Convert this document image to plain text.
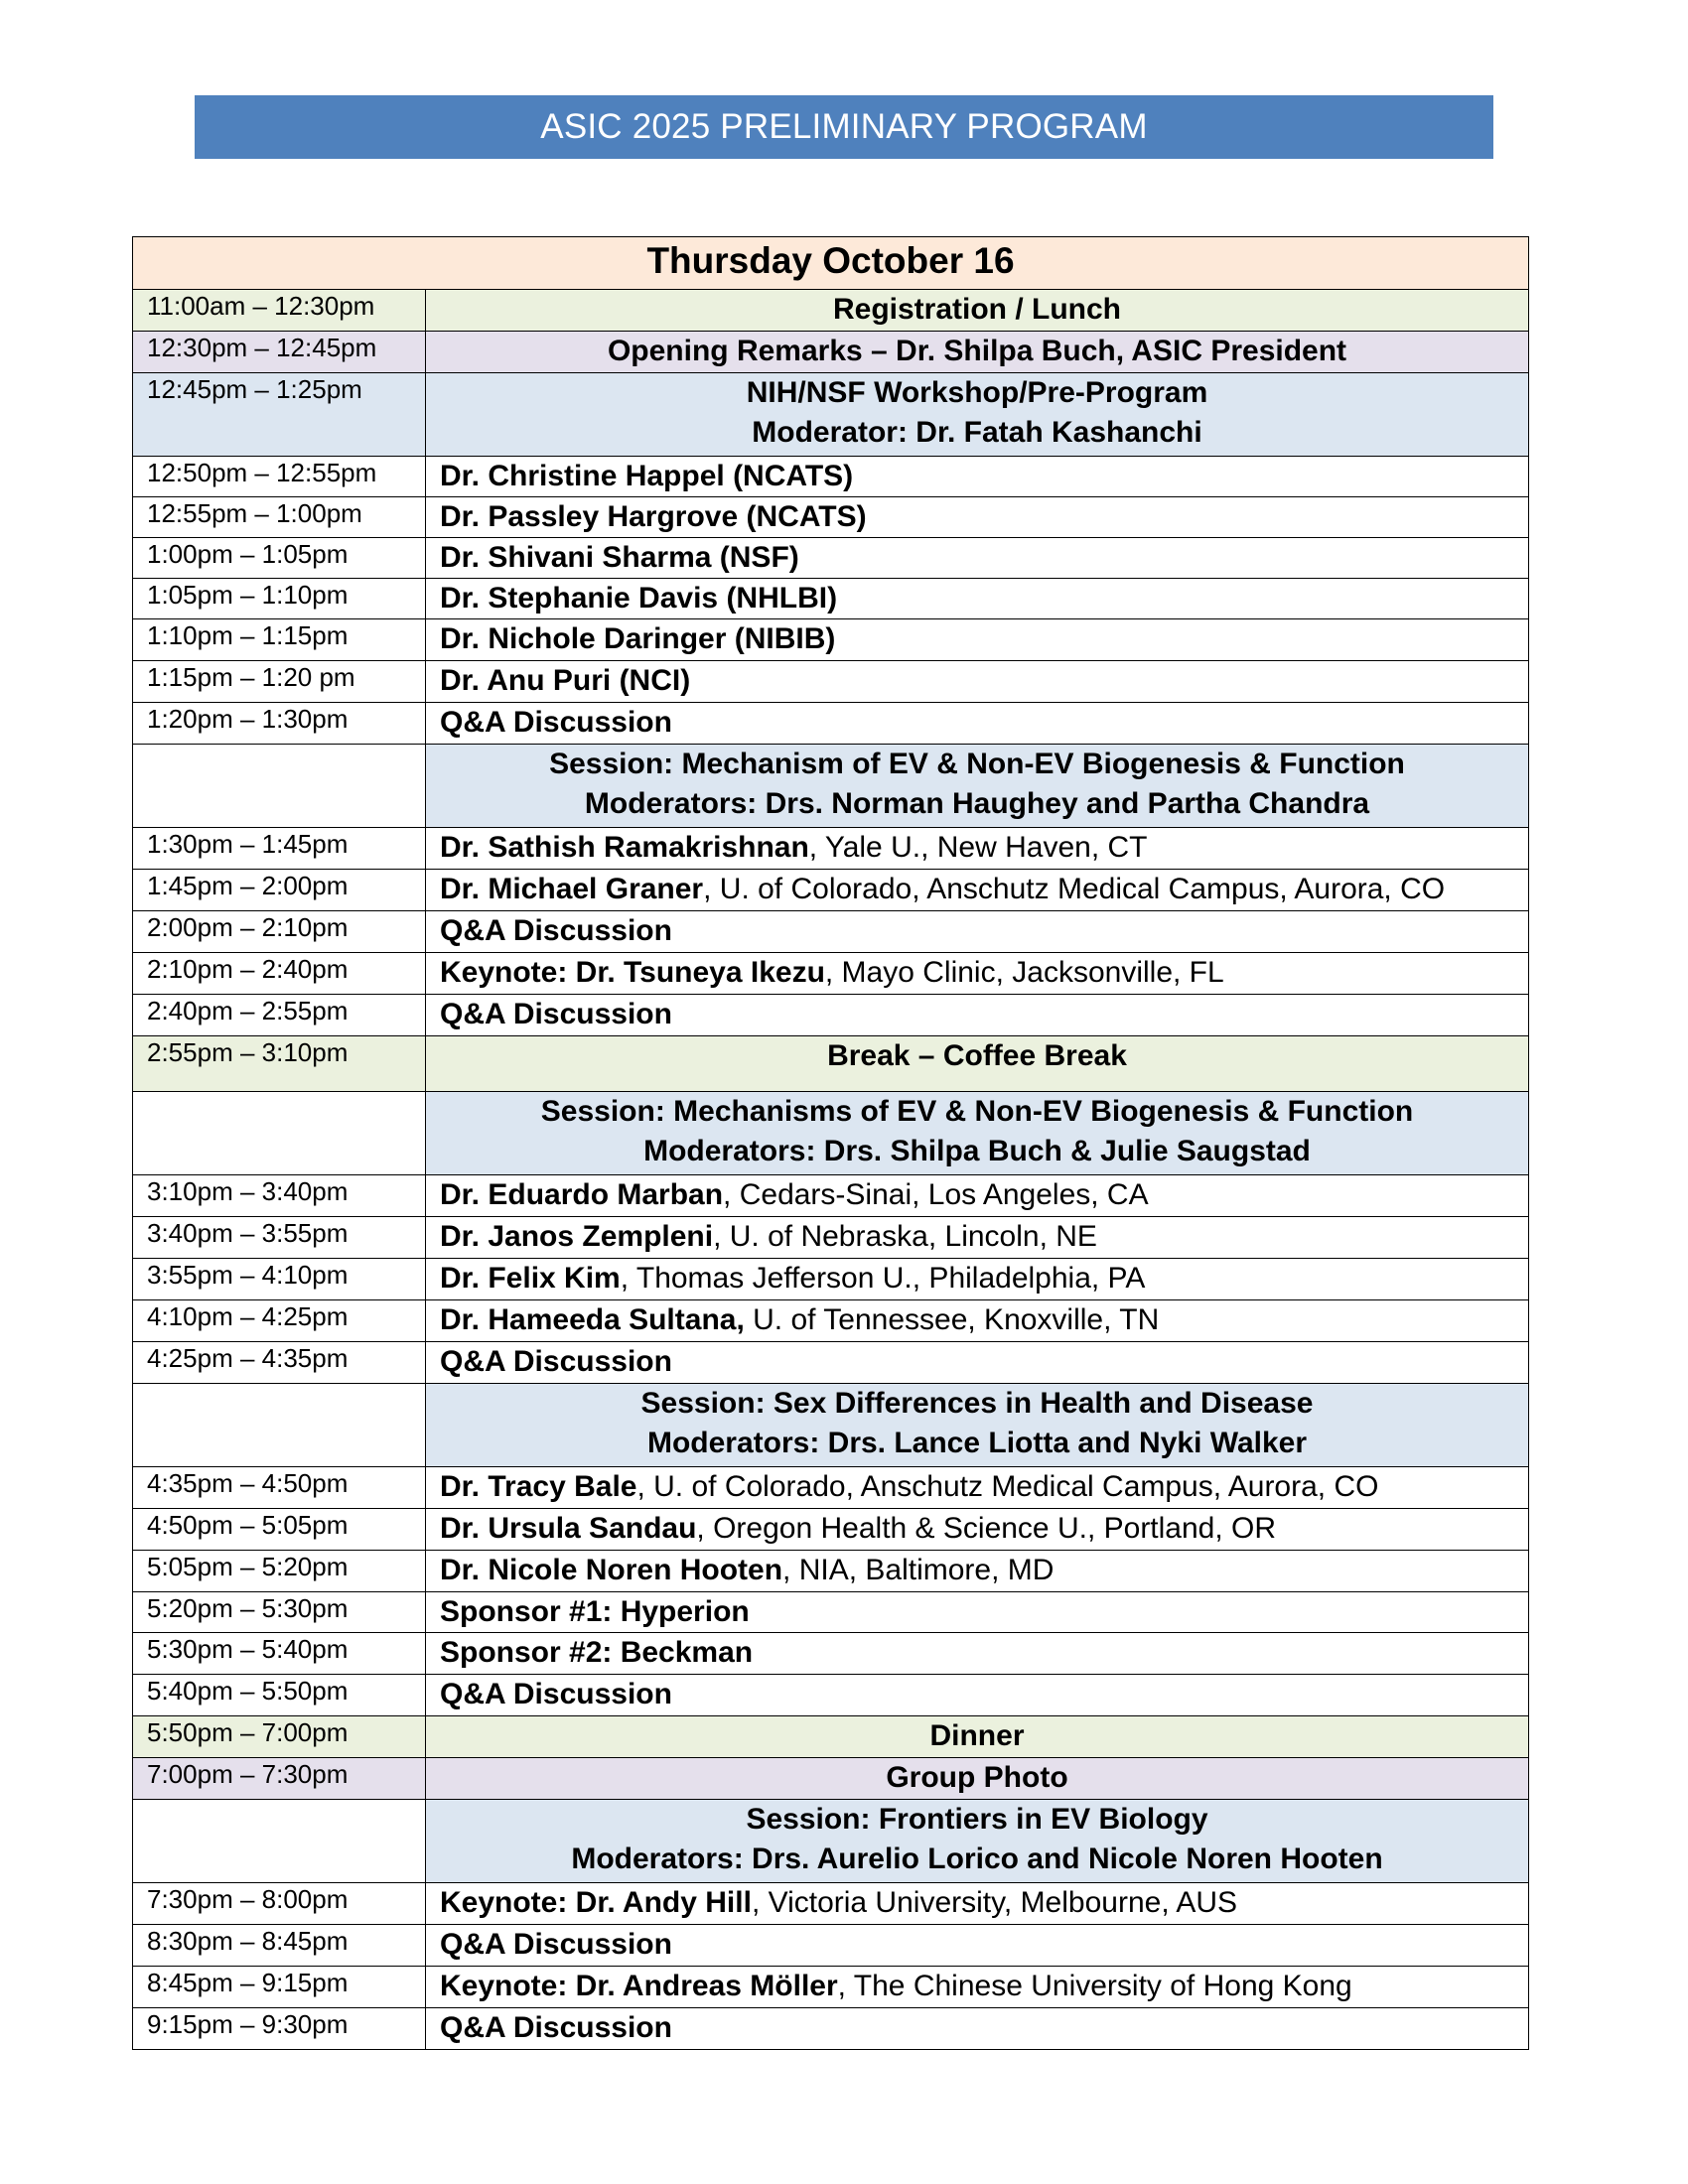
ASIC 2025 PRELIMINARY PROGRAM
Thursday October 16	
11:00am – 12:30pm	Registration / Lunch

12:30pm – 12:45pm	Opening Remarks – Dr. Shilpa Buch, ASIC President

12:45pm – 1:25pm	NIH/NSF Workshop/Pre-Program
Moderator: Dr. Fatah Kashanchi

12:50pm – 12:55pm	Dr. Christine Happel (NCATS)
12:55pm – 1:00pm	Dr. Passley Hargrove (NCATS)
1:00pm – 1:05pm	Dr. Shivani Sharma (NSF)
1:05pm – 1:10pm	Dr. Stephanie Davis (NHLBI)
1:10pm – 1:15pm	Dr. Nichole Daringer (NIBIB)
1:15pm – 1:20 pm	Dr. Anu Puri (NCI)
1:20pm – 1:30pm	Q&A Discussion

	Session: Mechanism of EV & Non-EV Biogenesis & Function
Moderators: Drs. Norman Haughey and Partha Chandra

1:30pm – 1:45pm	Dr. Sathish Ramakrishnan, Yale U., New Haven, CT
1:45pm – 2:00pm	Dr. Michael Graner, U. of Colorado, Anschutz Medical Campus, Aurora, CO
2:00pm – 2:10pm	Q&A Discussion
2:10pm – 2:40pm	Keynote: Dr. Tsuneya Ikezu, Mayo Clinic, Jacksonville, FL
2:40pm – 2:55pm	Q&A Discussion
2:55pm – 3:10pm	Break – Coffee Break

	Session: Mechanisms of EV & Non-EV Biogenesis & Function
Moderators: Drs. Shilpa Buch & Julie Saugstad

3:10pm – 3:40pm	Dr. Eduardo Marban, Cedars-Sinai, Los Angeles, CA
3:40pm – 3:55pm	Dr. Janos Zempleni, U. of Nebraska, Lincoln, NE
3:55pm – 4:10pm	Dr. Felix Kim, Thomas Jefferson U., Philadelphia, PA
4:10pm – 4:25pm	Dr. Hameeda Sultana, U. of Tennessee, Knoxville, TN
4:25pm – 4:35pm	Q&A Discussion

	Session: Sex Differences in Health and Disease
Moderators: Drs. Lance Liotta and Nyki Walker

4:35pm – 4:50pm	Dr. Tracy Bale, U. of Colorado, Anschutz Medical Campus, Aurora, CO
4:50pm – 5:05pm	Dr. Ursula Sandau, Oregon Health & Science U., Portland, OR
5:05pm – 5:20pm	Dr. Nicole Noren Hooten, NIA, Baltimore, MD
5:20pm – 5:30pm	Sponsor #1: Hyperion
5:30pm – 5:40pm	Sponsor #2: Beckman
5:40pm – 5:50pm	Q&A Discussion
5:50pm – 7:00pm	Dinner

7:00pm – 7:30pm	Group Photo

	Session: Frontiers in EV Biology
Moderators: Drs. Aurelio Lorico and Nicole Noren Hooten

7:30pm – 8:00pm	Keynote: Dr. Andy Hill, Victoria University, Melbourne, AUS
8:30pm – 8:45pm	Q&A Discussion
8:45pm – 9:15pm	Keynote: Dr. Andreas Möller, The Chinese University of Hong Kong
9:15pm – 9:30pm	Q&A Discussion
